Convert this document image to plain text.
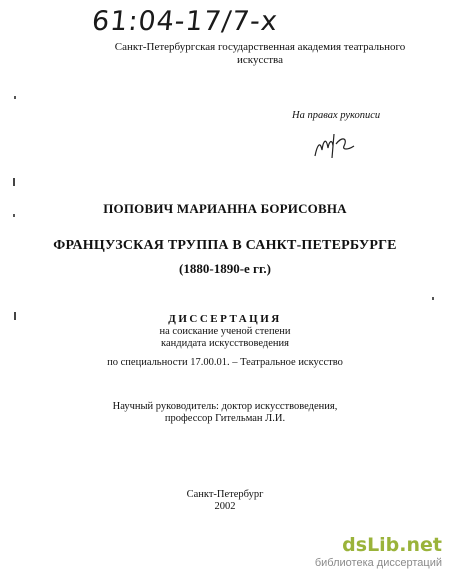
61:04-17/7-x
Санкт-Петербургская государственная академия театрального искусства
На правах рукописи
ПОПОВИЧ МАРИАННА БОРИСОВНА
ФРАНЦУЗСКАЯ ТРУППА В САНКТ-ПЕТЕРБУРГЕ
(1880-1890-е гг.)
ДИССЕРТАЦИЯ
на соискание ученой степени
кандидата искусствоведения
по специальности 17.00.01. – Театральное искусство
Научный руководитель: доктор искусствоведения,
профессор Гительман Л.И.
Санкт-Петербург
2002
dsLib.net
библиотека диссертаций
